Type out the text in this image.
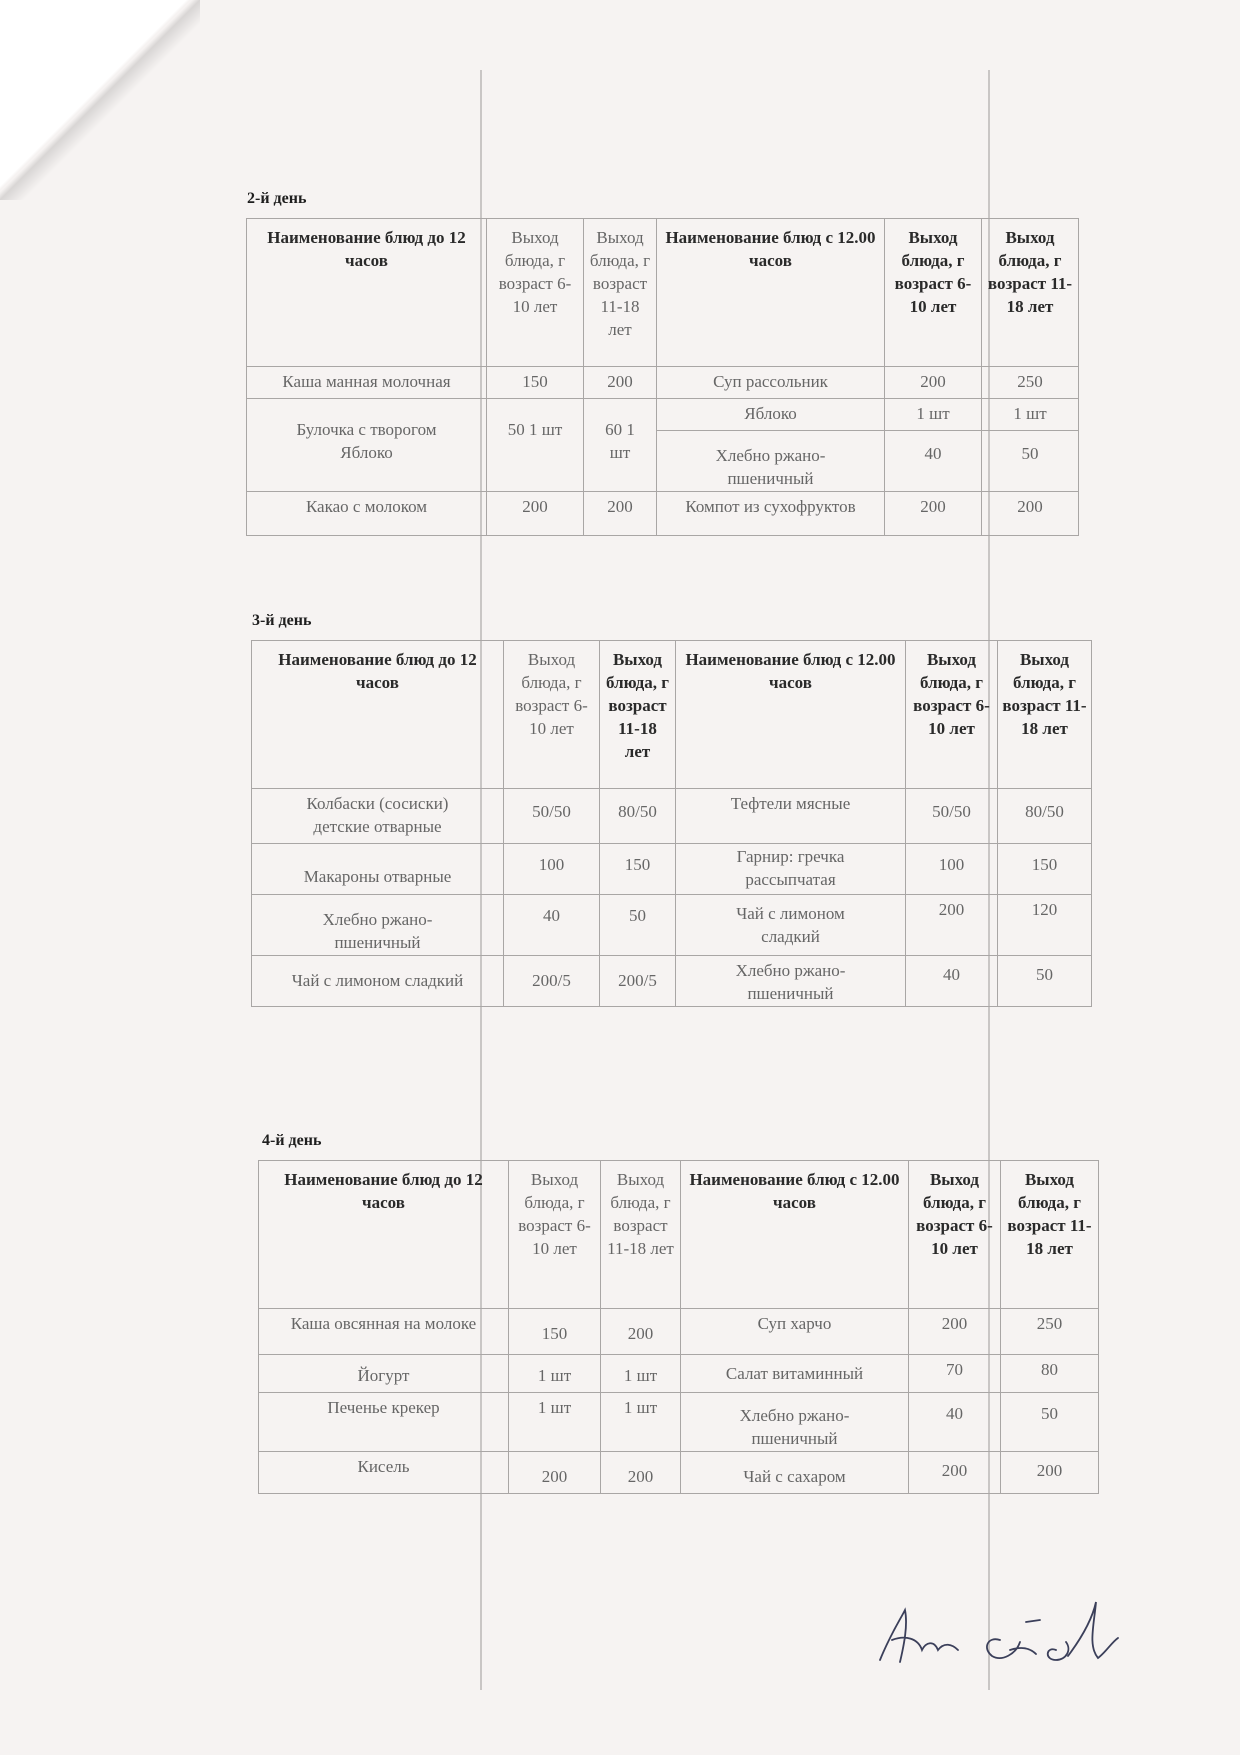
2-й день
Наименование блюд до 12 часов	Выход блюда, г возраст 6-10 лет	Выход блюда, г возраст 11-18 лет	Наименование блюд с 12.00 часов	Выход блюда, г возраст 6-10 лет	Выход блюда, г возраст 11-18 лет
Каша манная молочная	150	200	Суп рассольник	200	250
Булочка с творогом Яблоко	50 1 шт	60 1 шт	Яблоко	1 шт	1 шт
			Хлебно ржано-пшеничный	40	50
Какао с молоком	200	200	Компот из сухофруктов	200	200
3-й день
Наименование блюд до 12 часов	Выход блюда, г возраст 6-10 лет	Выход блюда, г возраст 11-18 лет	Наименование блюд с 12.00 часов	Выход блюда, г возраст 6-10 лет	Выход блюда, г возраст 11-18 лет
Колбаски (сосиски) детские отварные	50/50	80/50	Тефтели мясные	50/50	80/50
Макароны отварные	100	150	Гарнир: гречка рассыпчатая	100	150
Хлебно ржано-пшеничный	40	50	Чай с лимоном сладкий	200	120
Чай с лимоном сладкий	200/5	200/5	Хлебно ржано-пшеничный	40	50
4-й день
Наименование блюд до 12 часов	Выход блюда, г возраст 6-10 лет	Выход блюда, г возраст 11-18 лет	Наименование блюд с 12.00 часов	Выход блюда, г возраст 6-10 лет	Выход блюда, г возраст 11-18 лет
Каша овсянная на молоке	150	200	Суп харчо	200	250
Йогурт	1 шт	1 шт	Салат витаминный	70	80
Печенье крекер	1 шт	1 шт	Хлебно ржано-пшеничный	40	50
Кисель	200	200	Чай с сахаром	200	200
